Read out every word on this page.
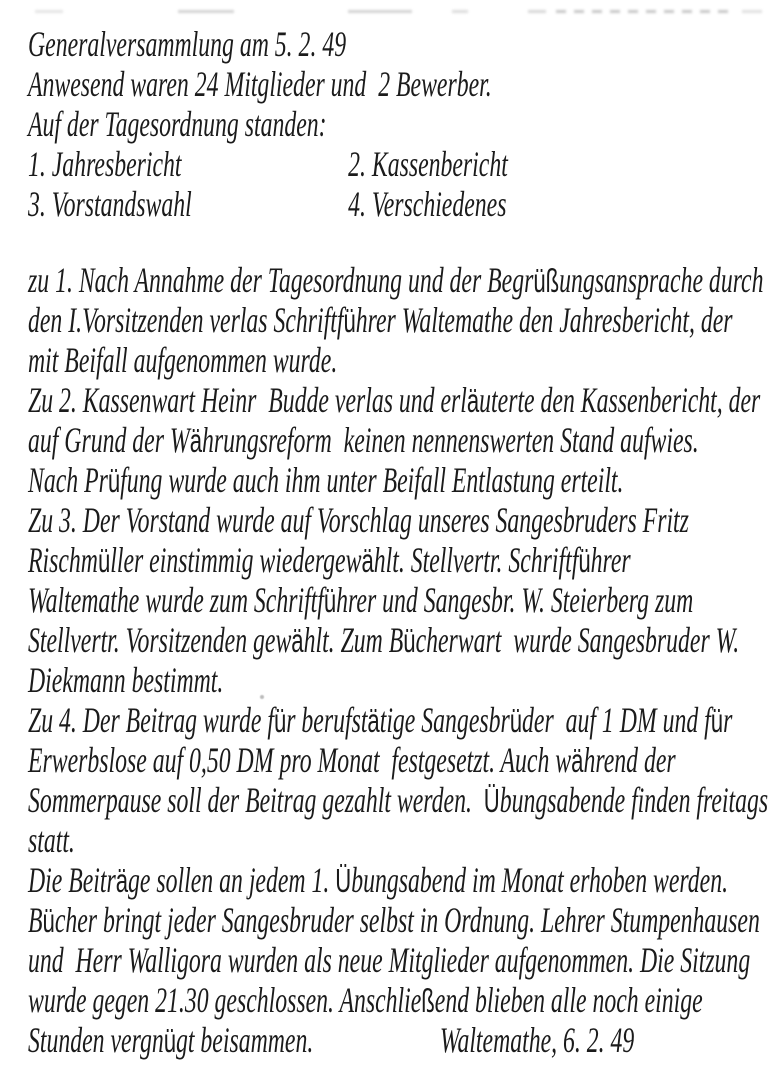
Generalversammlung am 5. 2. 49
Anwesend waren 24 Mitglieder und  2 Bewerber.
Auf der Tagesordnung standen:
1. Jahresbericht	2. Kassenbericht
3. Vorstandswahl	4. Verschiedenes
zu 1. Nach Annahme der Tagesordnung und der Begrüßungsansprache durch
den I.Vorsitzenden verlas Schriftführer Waltemathe den Jahresbericht, der
mit Beifall aufgenommen wurde.
Zu 2. Kassenwart Heinr  Budde verlas und erläuterte den Kassenbericht, der
auf Grund der Währungsreform  keinen nennenswerten Stand aufwies.
Nach Prüfung wurde auch ihm unter Beifall Entlastung erteilt.
Zu 3. Der Vorstand wurde auf Vorschlag unseres Sangesbruders Fritz
Rischmüller einstimmig wiedergewählt. Stellvertr. Schriftführer
Waltemathe wurde zum Schriftführer und Sangesbr. W. Steierberg zum
Stellvertr. Vorsitzenden gewählt. Zum Bücherwart  wurde Sangesbruder W.
Diekmann bestimmt.
Zu 4. Der Beitrag wurde für berufstätige Sangesbrüder  auf 1 DM und für
Erwerbslose auf 0,50 DM pro Monat  festgesetzt. Auch während der
Sommerpause soll der Beitrag gezahlt werden.  Übungsabende finden freitags
statt.
Die Beiträge sollen an jedem 1. Übungsabend im Monat erhoben werden.
Bücher bringt jeder Sangesbruder selbst in Ordnung. Lehrer Stumpenhausen
und  Herr Walligora wurden als neue Mitglieder aufgenommen. Die Sitzung
wurde gegen 21.30 geschlossen. Anschließend blieben alle noch einige
Stunden vergnügt beisammen.	Waltemathe, 6. 2. 49
